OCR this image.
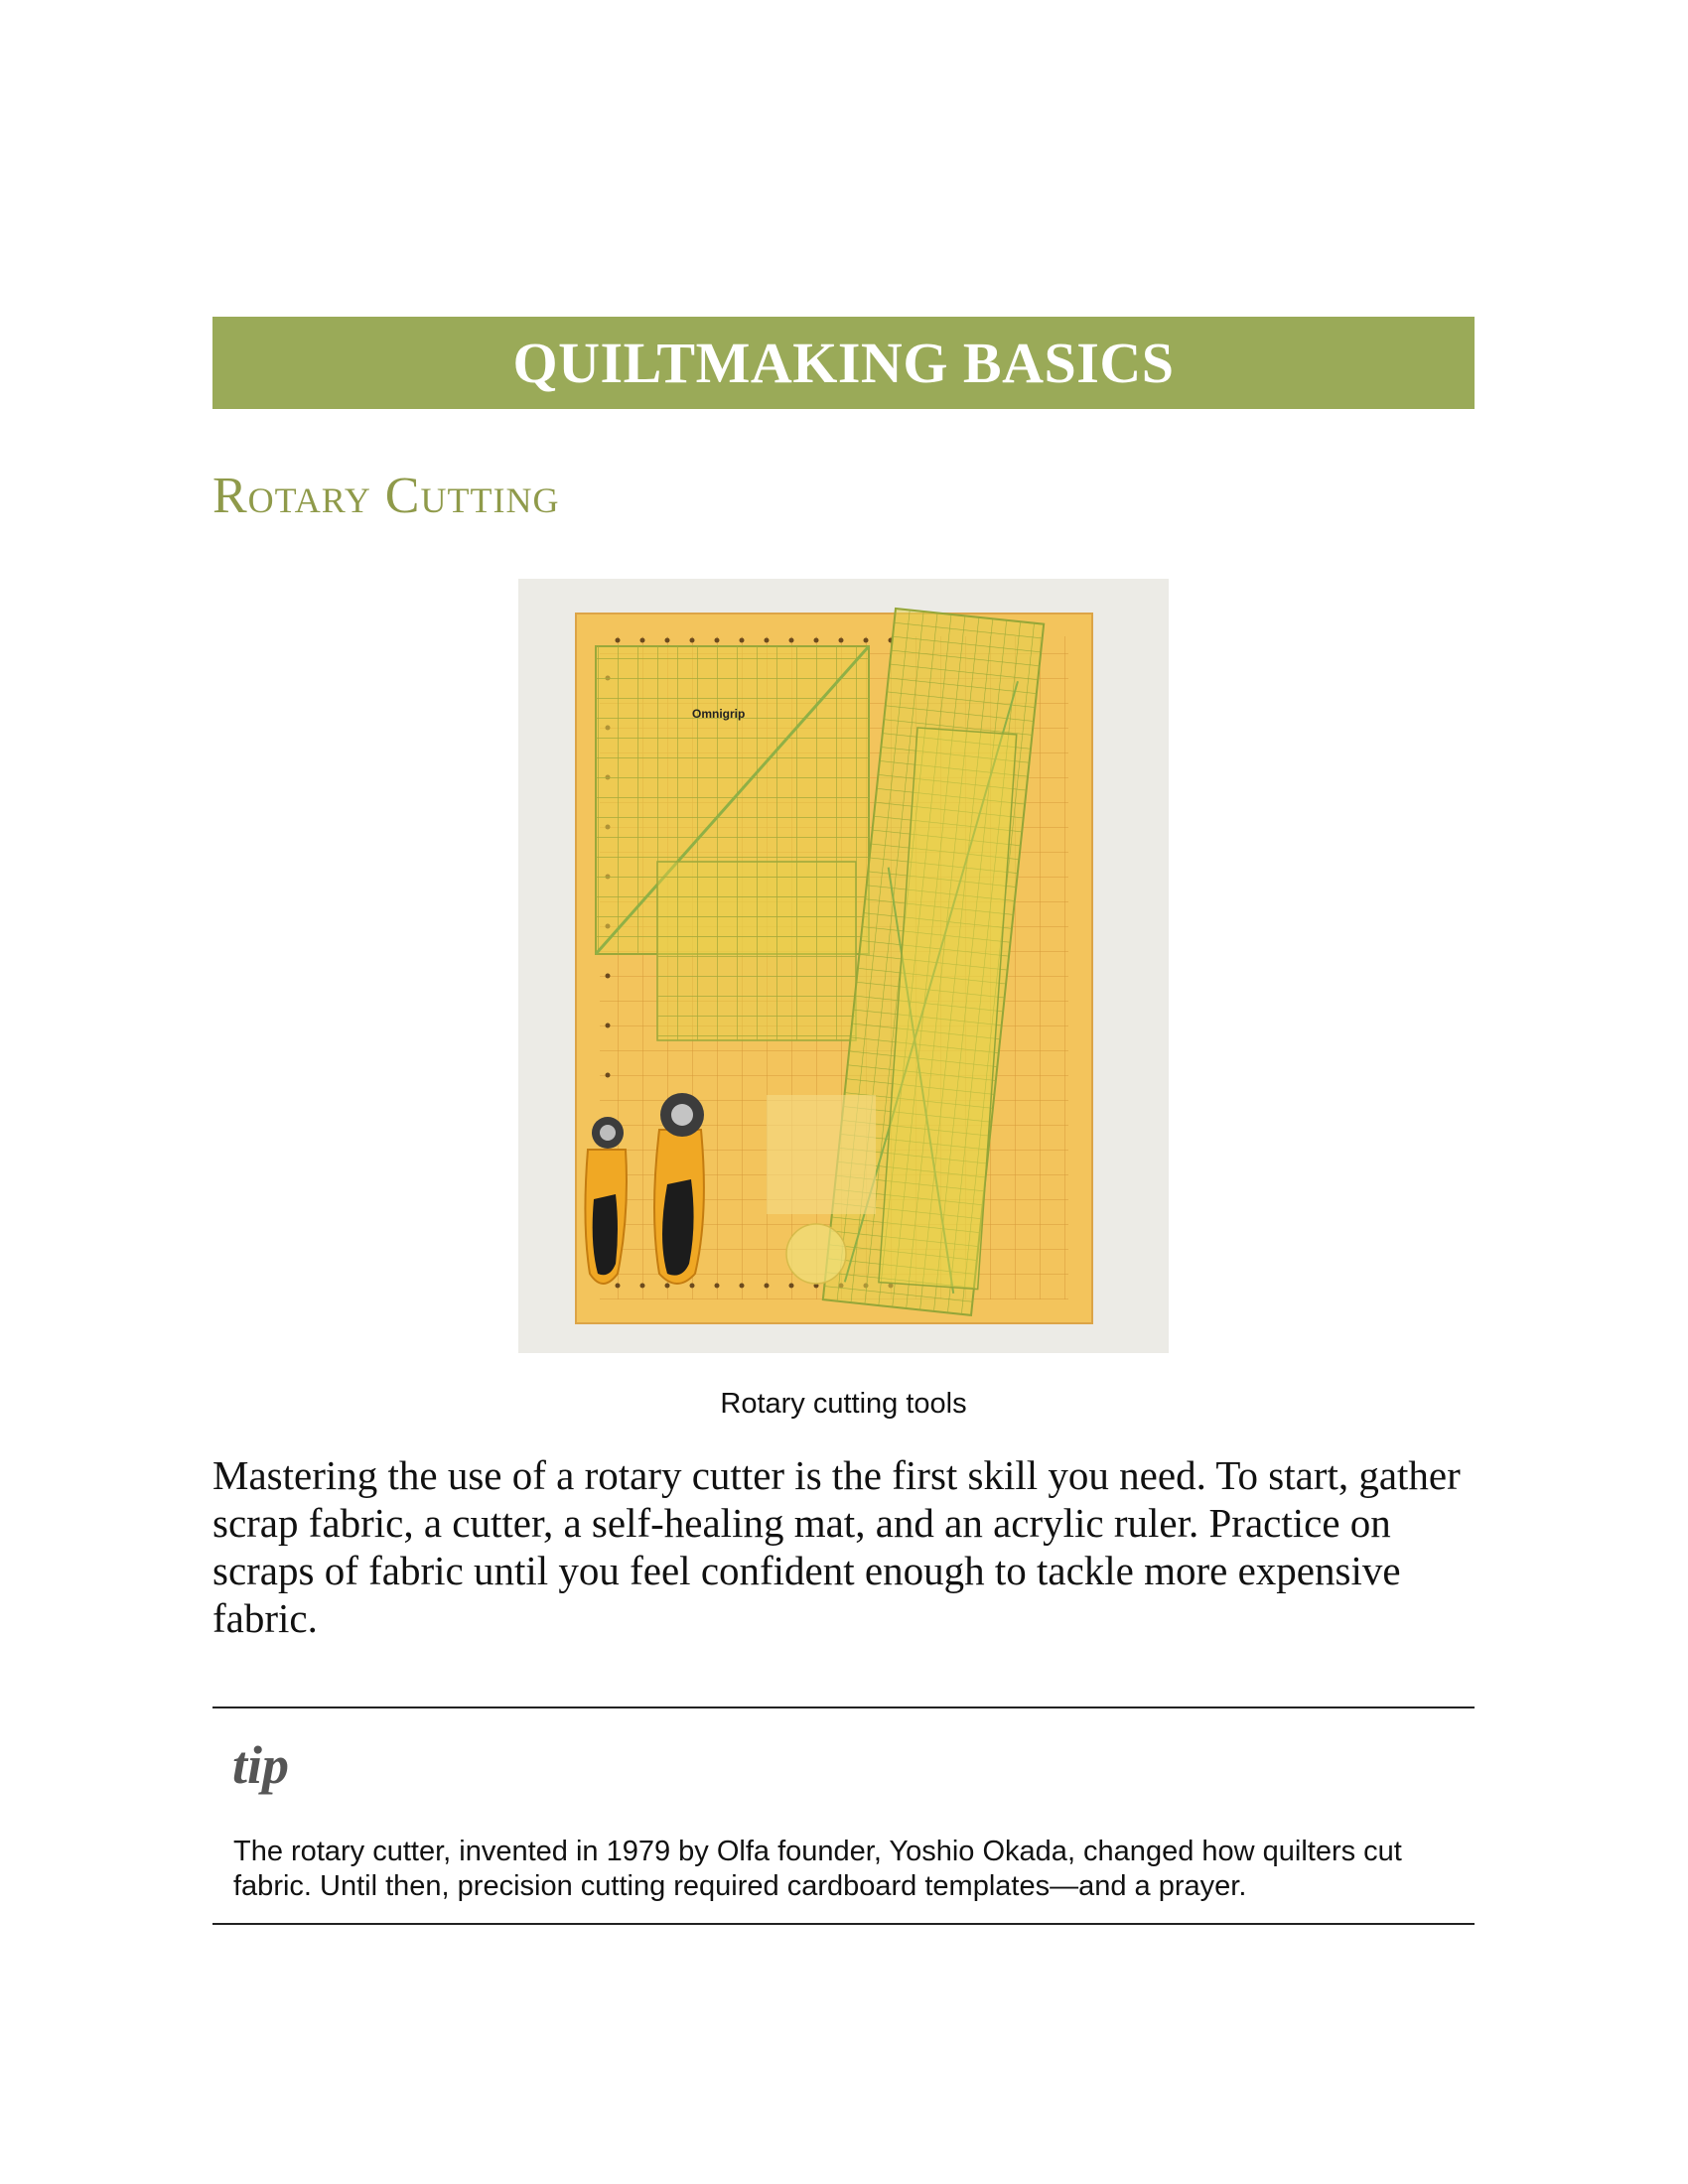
QUILTMAKING BASICS
Rotary Cutting
Omnigrip
Rotary cutting tools

Mastering the use of a rotary cutter is the first skill you need. To start, gather scrap fabric, a cutter, a self-healing mat, and an acrylic ruler. Practice on scraps of fabric until you feel confident enough to tackle more expensive fabric.

tip

The rotary cutter, invented in 1979 by Olfa founder, Yoshio Okada, changed how quilters cut fabric. Until then, precision cutting required cardboard templates—and a prayer.
